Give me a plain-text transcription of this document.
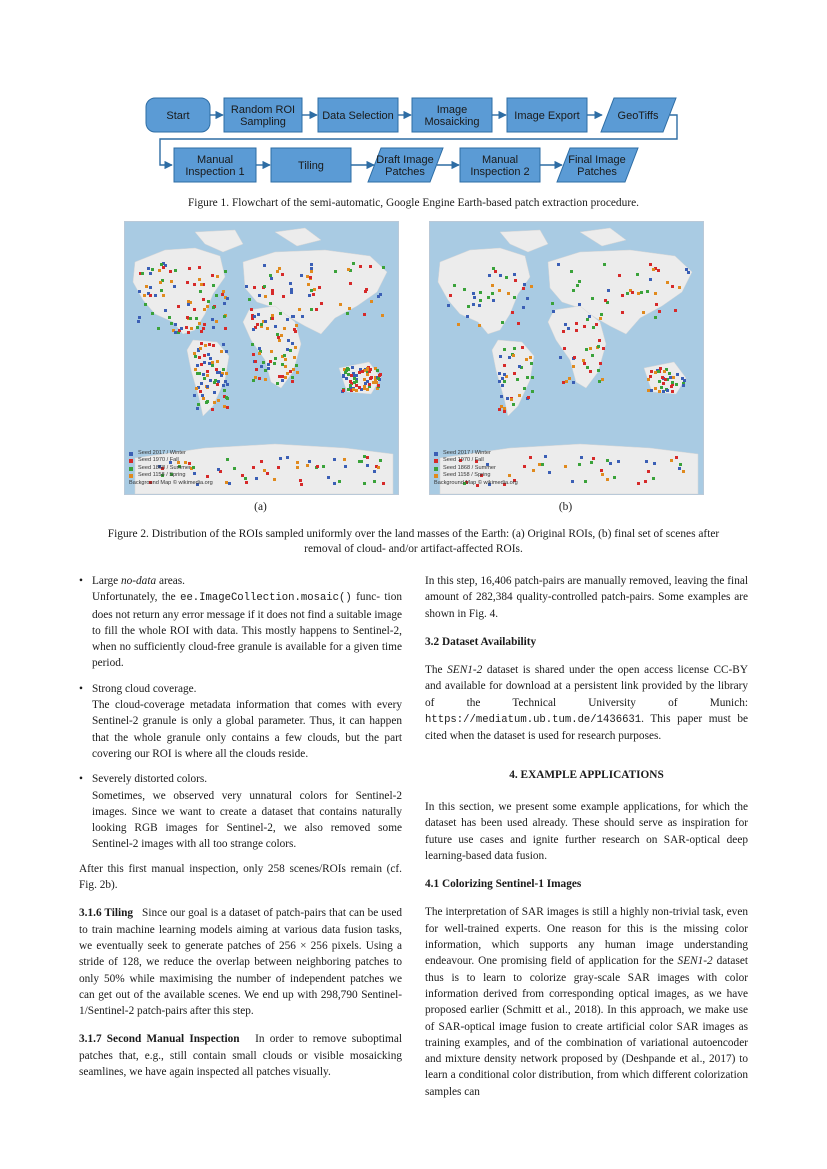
Start	Random ROI Sampling	Data Selection	Image Mosaicking	Image Export	GeoTiffs
Manual Inspection 1	Tiling	Draft Image Patches
Manual Inspection 2
Final Image Patches
Figure 1. Flowchart of the semi-automatic, Google Engine Earth-based patch extraction procedure.
Seed 2017 / Winter
Seed 1970 / Fall
Seed 1868 / Summer
Seed 1158 / Spring
Background Map © wikimedia.org
Seed 2017 / Winter
Seed 1970 / Fall
Seed 1868 / Summer
Seed 1158 / Spring
Background Map © wikimedia.org
(a)	(b)
Figure 2. Distribution of the ROIs sampled uniformly over the land masses of the Earth: (a) Original ROIs, (b) final set of scenes after
removal of cloud- and/or artifact-affected ROIs.
• Large no-data areas.

Unfortunately, the ee.ImageCollection.mosaic() func- tion does not return any error message if it does not find a suitable image to fill the whole ROI with data. This mostly happens to Sentinel-2, when no sufficiently cloud-free granule is available for a given time period.

• Strong cloud coverage.

The cloud-coverage metadata information that comes with every Sentinel-2 granule is only a global parameter. Thus, it can happen that the whole granule only contains a few clouds, but the part covering our ROI is where all the clouds reside.

• Severely distorted colors.

Sometimes, we observed very unnatural colors for Sentinel-2 images. Since we want to create a dataset that contains naturally looking RGB images for Sentinel-2, we also removed some Sentinel-2 images with all too strange colors.

After this first manual inspection, only 258 scenes/ROIs remain (cf. Fig. 2b).

3.1.6 Tiling Since our goal is a dataset of patch-pairs that can be used to train machine learning models aiming at various data fusion tasks, we eventually seek to generate patches of 256 × 256 pixels. Using a stride of 128, we reduce the overlap between neighboring patches to only 50% while maximising the number of independent patches we can get out of the available scenes. We end up with 298,790 Sentinel-1/Sentinel-2 patch-pairs after this step.

3.1.7 Second Manual Inspection In order to remove suboptimal patches that, e.g., still contain small clouds or visible mosaicking seamlines, we have again inspected all patches visually.

In this step, 16,406 patch-pairs are manually removed, leaving the final amount of 282,384 quality-controlled patch-pairs. Some examples are shown in Fig. 4.

3.2 Dataset Availability

The SEN1-2 dataset is shared under the open access license CC-BY and available for download at a persistent link provided by the library of the Technical University of Munich: https://mediatum.ub.tum.de/1436631. This paper must be cited when the dataset is used for research purposes.

4. EXAMPLE APPLICATIONS

In this section, we present some example applications, for which the dataset has been used already. These should serve as inspiration for future use cases and ignite further research on SAR-optical deep learning-based data fusion.

4.1 Colorizing Sentinel-1 Images

The interpretation of SAR images is still a highly non-trivial task, even for well-trained experts. One reason for this is the missing color information, which supports any human image understanding endeavour. One promising field of application for the SEN1-2 dataset thus is to learn to colorize gray-scale SAR images with color information derived from corresponding optical images, as we have proposed earlier (Schmitt et al., 2018). In this approach, we make use of SAR-optical image fusion to create artificial color SAR images as training examples, and of the combination of variational autoencoder and mixture density network proposed by (Deshpande et al., 2017) to learn a conditional color distribution, from which different colorization samples can
